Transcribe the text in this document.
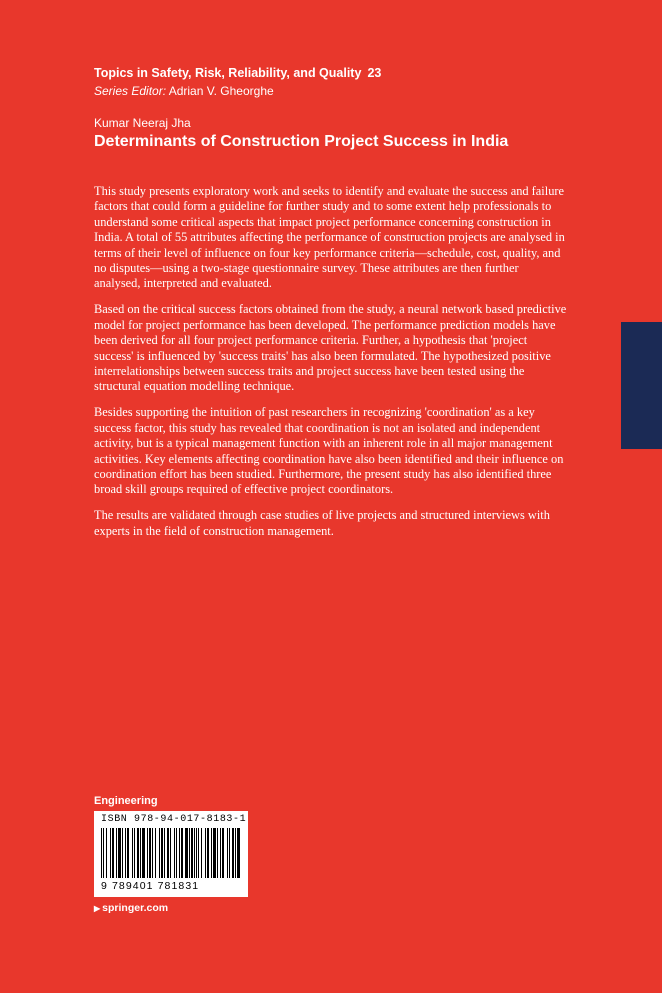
Topics in Safety, Risk, Reliability, and Quality 23
Series Editor: Adrian V. Gheorghe
Kumar Neeraj Jha
Determinants of Construction Project Success in India

This study presents exploratory work and seeks to identify and evaluate the success and failure factors that could form a guideline for further study and to some extent help professionals to understand some critical aspects that impact project performance concerning construction in India. A total of 55 attributes affecting the performance of construction projects are analysed in terms of their level of influence on four key performance criteria—schedule, cost, quality, and no disputes—using a two-stage questionnaire survey. These attributes are then further analysed, interpreted and evaluated.

Based on the critical success factors obtained from the study, a neural network based predictive model for project performance has been developed. The performance prediction models have been derived for all four project performance criteria. Further, a hypothesis that 'project success' is influenced by 'success traits' has also been formulated. The hypothesized positive interrelationships between success traits and project success have been tested using the structural equation modelling technique.

Besides supporting the intuition of past researchers in recognizing 'coordination' as a key success factor, this study has revealed that coordination is not an isolated and independent activity, but is a typical management function with an inherent role in all major management activities. Key elements affecting coordination have also been identified and their influence on coordination effort has been studied. Furthermore, the present study has also identified three broad skill groups required of effective project coordinators.

The results are validated through case studies of live projects and structured interviews with experts in the field of construction management.

Engineering
ISBN 978-94-017-8183-1
9 789401 781831
▶ springer.com
